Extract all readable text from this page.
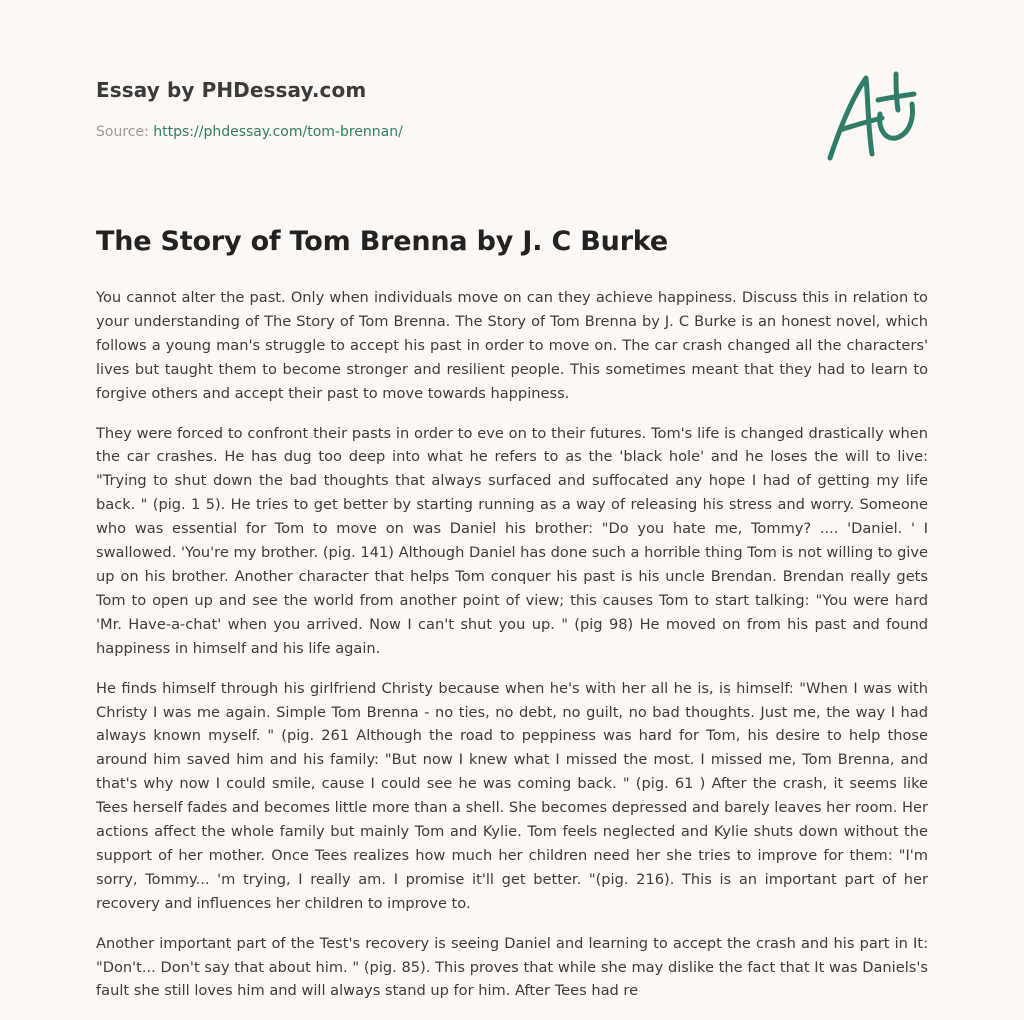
Essay by PHDessay.com
Source: https://phdessay.com/tom-brennan/
The Story of Tom Brenna by J. C Burke

You cannot alter the past. Only when individuals move on can they achieve happiness. Discuss this in relation to your understanding of The Story of Tom Brenna. The Story of Tom Brenna by J. C Burke is an honest novel, which follows a young man's struggle to accept his past in order to move on. The car crash changed all the characters' lives but taught them to become stronger and resilient people. This sometimes meant that they had to learn to forgive others and accept their past to move towards happiness.

They were forced to confront their pasts in order to eve on to their futures. Tom's life is changed drastically when the car crashes. He has dug too deep into what he refers to as the 'black hole' and he loses the will to live: "Trying to shut down the bad thoughts that always surfaced and suffocated any hope I had of getting my life back. " (pig. 1 5). He tries to get better by starting running as a way of releasing his stress and worry. Someone who was essential for Tom to move on was Daniel his brother: "Do you hate me, Tommy? .... 'Daniel. ' I swallowed. 'You're my brother. (pig. 141) Although Daniel has done such a horrible thing Tom is not willing to give up on his brother. Another character that helps Tom conquer his past is his uncle Brendan. Brendan really gets Tom to open up and see the world from another point of view; this causes Tom to start talking: "You were hard 'Mr. Have-a-chat' when you arrived. Now I can't shut you up. " (pig 98) He moved on from his past and found happiness in himself and his life again.

He finds himself through his girlfriend Christy because when he's with her all he is, is himself: "When I was with Christy I was me again. Simple Tom Brenna - no ties, no debt, no guilt, no bad thoughts. Just me, the way I had always known myself. " (pig. 261 Although the road to peppiness was hard for Tom, his desire to help those around him saved him and his family: "But now I knew what I missed the most. I missed me, Tom Brenna, and that's why now I could smile, cause I could see he was coming back. " (pig. 61 ) After the crash, it seems like Tees herself fades and becomes little more than a shell. She becomes depressed and barely leaves her room. Her actions affect the whole family but mainly Tom and Kylie. Tom feels neglected and Kylie shuts down without the support of her mother. Once Tees realizes how much her children need her she tries to improve for them: "I'm sorry, Tommy... 'm trying, I really am. I promise it'll get better. "(pig. 216). This is an important part of her recovery and influences her children to improve to.

Another important part of the Test's recovery is seeing Daniel and learning to accept the crash and his part in It: "Don't... Don't say that about him. " (pig. 85). This proves that while she may dislike the fact that It was Daniels's fault she still loves him and will always stand up for him. After Tees had re
